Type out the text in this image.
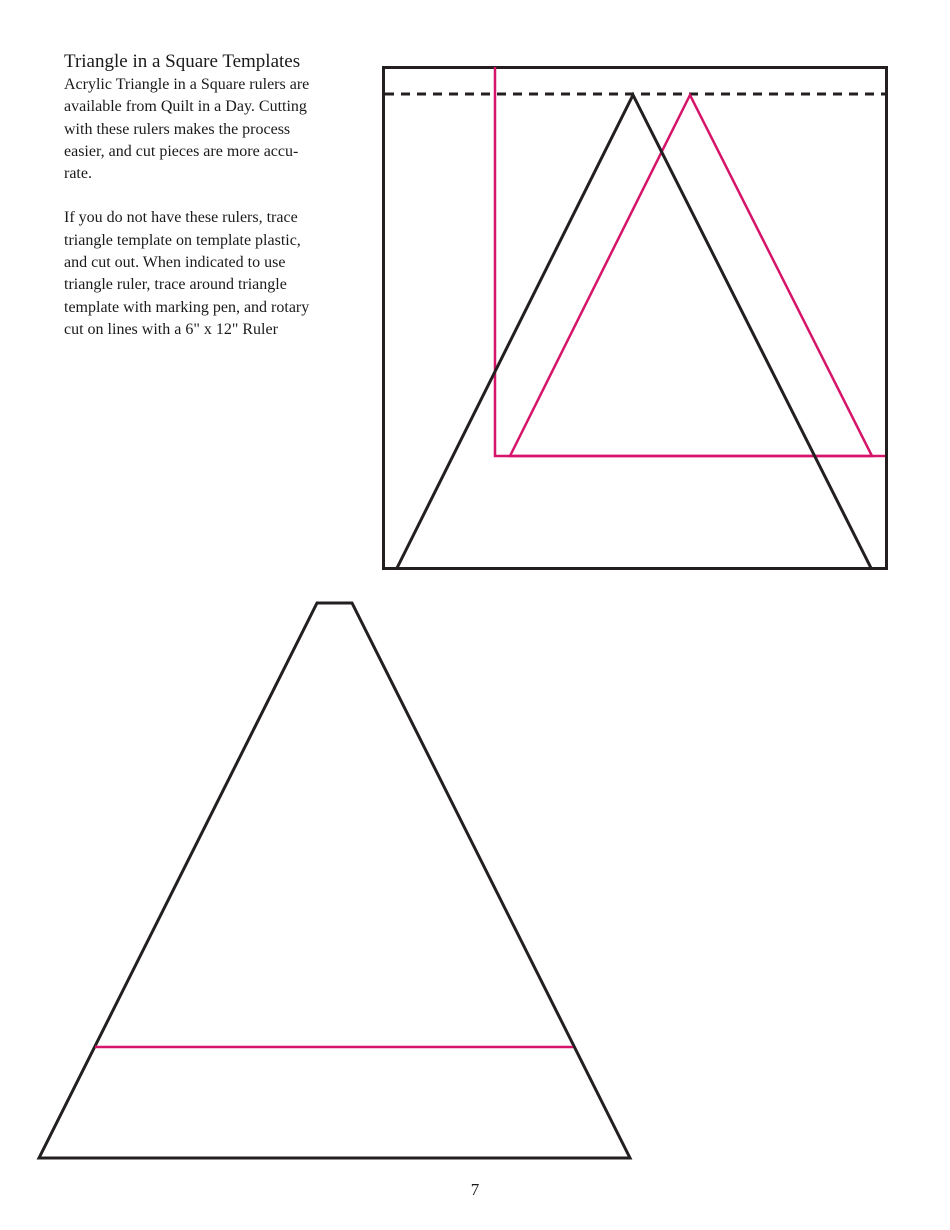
Triangle in a Square Templates

Acrylic Triangle in a Square rulers are
available from Quilt in a Day. Cutting
with these rulers makes the process
easier, and cut pieces are more accu-
rate.

If you do not have these rulers, trace
triangle template on template plastic,
and cut out. When indicated to use
triangle ruler, trace around triangle
template with marking pen, and rotary
cut on lines with a 6" x 12" Ruler

7
